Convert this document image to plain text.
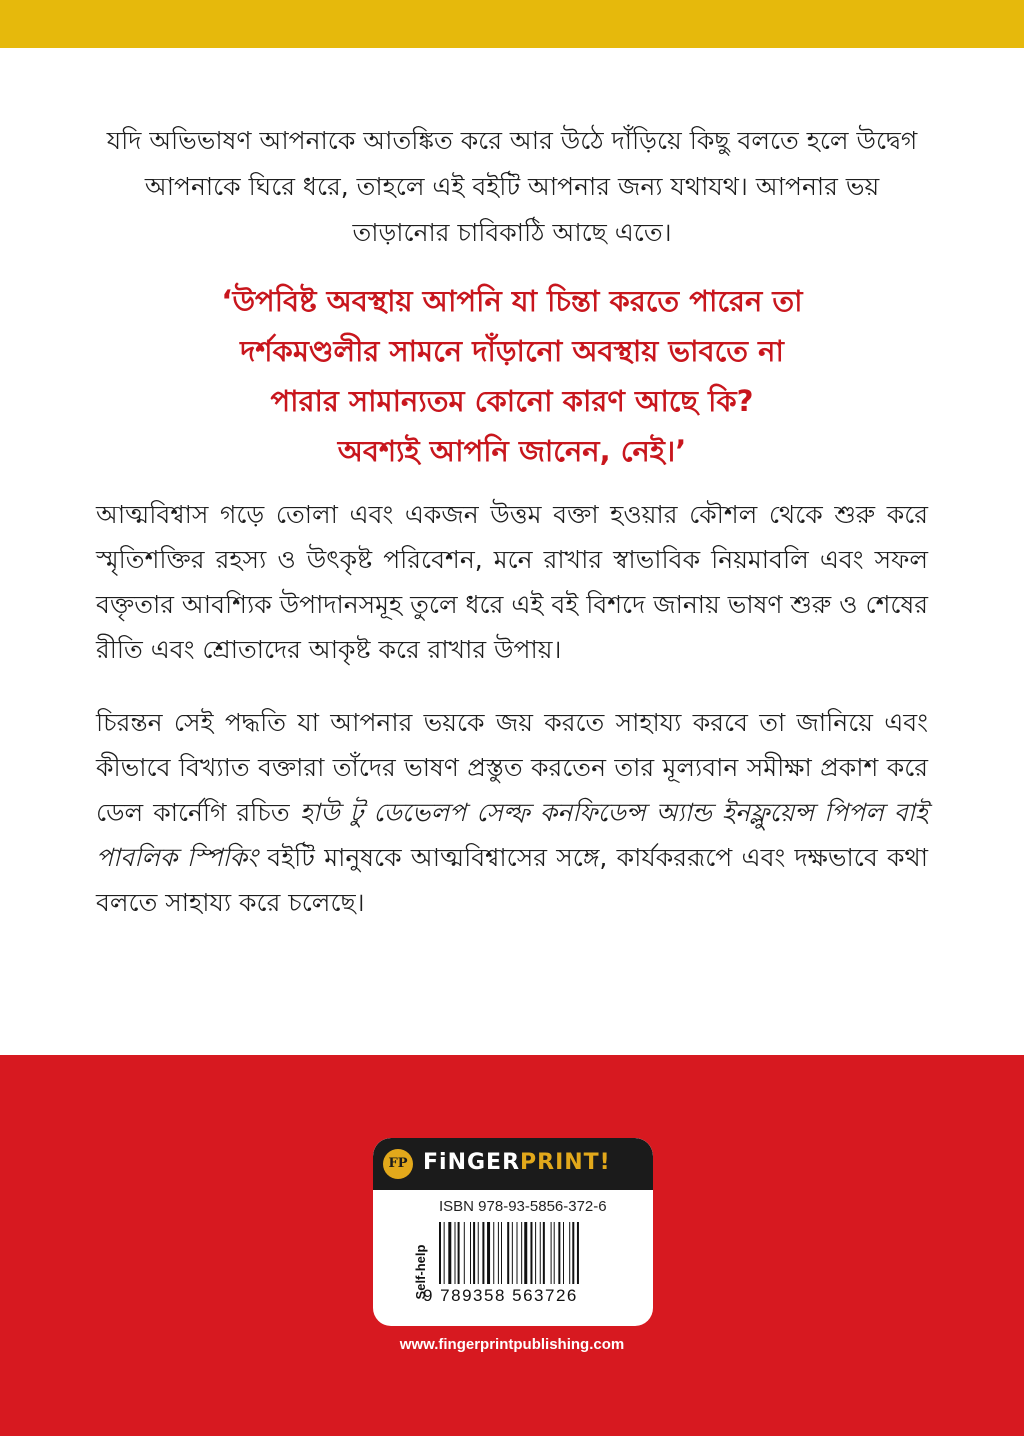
যদি অভিভাষণ আপনাকে আতঙ্কিত করে আর উঠে দাঁড়িয়ে কিছু বলতে হলে উদ্বেগ আপনাকে ঘিরে ধরে, তাহলে এই বইটি আপনার জন্য যথাযথ। আপনার ভয় তাড়ানোর চাবিকাঠি আছে এতে।

‘উপবিষ্ট অবস্থায় আপনি যা চিন্তা করতে পারেন তা
দর্শকমণ্ডলীর সামনে দাঁড়ানো অবস্থায় ভাবতে না
পারার সামান্যতম কোনো কারণ আছে কি?
অবশ্যই আপনি জানেন, নেই।’

আত্মবিশ্বাস গড়ে তোলা এবং একজন উত্তম বক্তা হওয়ার কৌশল থেকে শুরু করে স্মৃতিশক্তির রহস্য ও উৎকৃষ্ট পরিবেশন, মনে রাখার স্বাভাবিক নিয়মাবলি এবং সফল বক্তৃতার আবশ্যিক উপাদানসমূহ তুলে ধরে এই বই বিশদে জানায় ভাষণ শুরু ও শেষের রীতি এবং শ্রোতাদের আকৃষ্ট করে রাখার উপায়।

চিরন্তন সেই পদ্ধতি যা আপনার ভয়কে জয় করতে সাহায্য করবে তা জানিয়ে এবং কীভাবে বিখ্যাত বক্তারা তাঁদের ভাষণ প্রস্তুত করতেন তার মূল্যবান সমীক্ষা প্রকাশ করে ডেল কার্নেগি রচিত হাউ টু ডেভেলপ সেল্ফ কনফিডেন্স অ্যান্ড ইনফ্লুয়েন্স পিপল বাই পাবলিক স্পিকিং বইটি মানুষকে আত্মবিশ্বাসের সঙ্গে, কার্যকররূপে এবং দক্ষভাবে কথা বলতে সাহায্য করে চলেছে।

FP FiNGERPRINT!
ISBN 978-93-5856-372-6
Self-help
9 789358 563726
www.fingerprintpublishing.com
